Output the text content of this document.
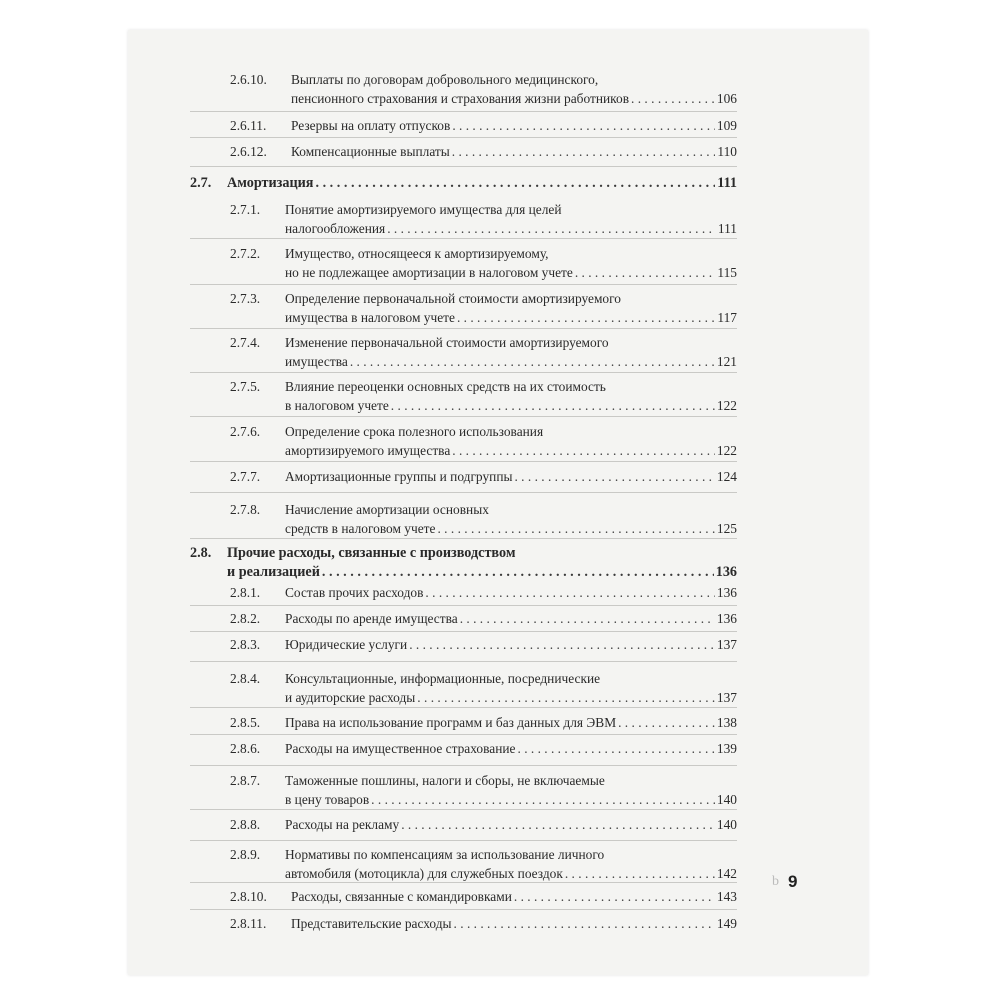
2.6.10. Выплаты по договорам добровольного медицинского,
пенсионного страхования и страхования жизни работников . . .	106
2.6.11. Резервы на оплату отпусков . . .	109
2.6.12. Компенсационные выплаты . . .	110
2.7. Амортизация . . .	111
2.7.1. Понятие амортизируемого имущества для целей
налогообложения . . .	111
2.7.2. Имущество, относящееся к амортизируемому,
но не подлежащее амортизации в налоговом учете . . .	115
2.7.3. Определение первоначальной стоимости амортизируемого
имущества в налоговом учете . . .	117
2.7.4. Изменение первоначальной стоимости амортизируемого
имущества . . .	121
2.7.5. Влияние переоценки основных средств на их стоимость
в налоговом учете . . .	122
2.7.6. Определение срока полезного использования
амортизируемого имущества . . .	122
2.7.7. Амортизационные группы и подгруппы . . .	124
2.7.8. Начисление амортизации основных
средств в налоговом учете . . .	125
2.8. Прочие расходы, связанные с производством
и реализацией . . .	136
2.8.1. Состав прочих расходов . . .	136
2.8.2. Расходы по аренде имущества . . .	136
2.8.3. Юридические услуги . . .	137
2.8.4. Консультационные, информационные, посреднические
и аудиторские расходы . . .	137
2.8.5. Права на использование программ и баз данных для ЭВМ . . .	138
2.8.6. Расходы на имущественное страхование . . .	139
2.8.7. Таможенные пошлины, налоги и сборы, не включаемые
в цену товаров . . .	140
2.8.8. Расходы на рекламу . . .	140
2.8.9. Нормативы по компенсациям за использование личного
автомобиля (мотоцикла) для служебных поездок . . .	142
2.8.10. Расходы, связанные с командировками . . .	143
2.8.11. Представительские расходы . . .	149
b 9
